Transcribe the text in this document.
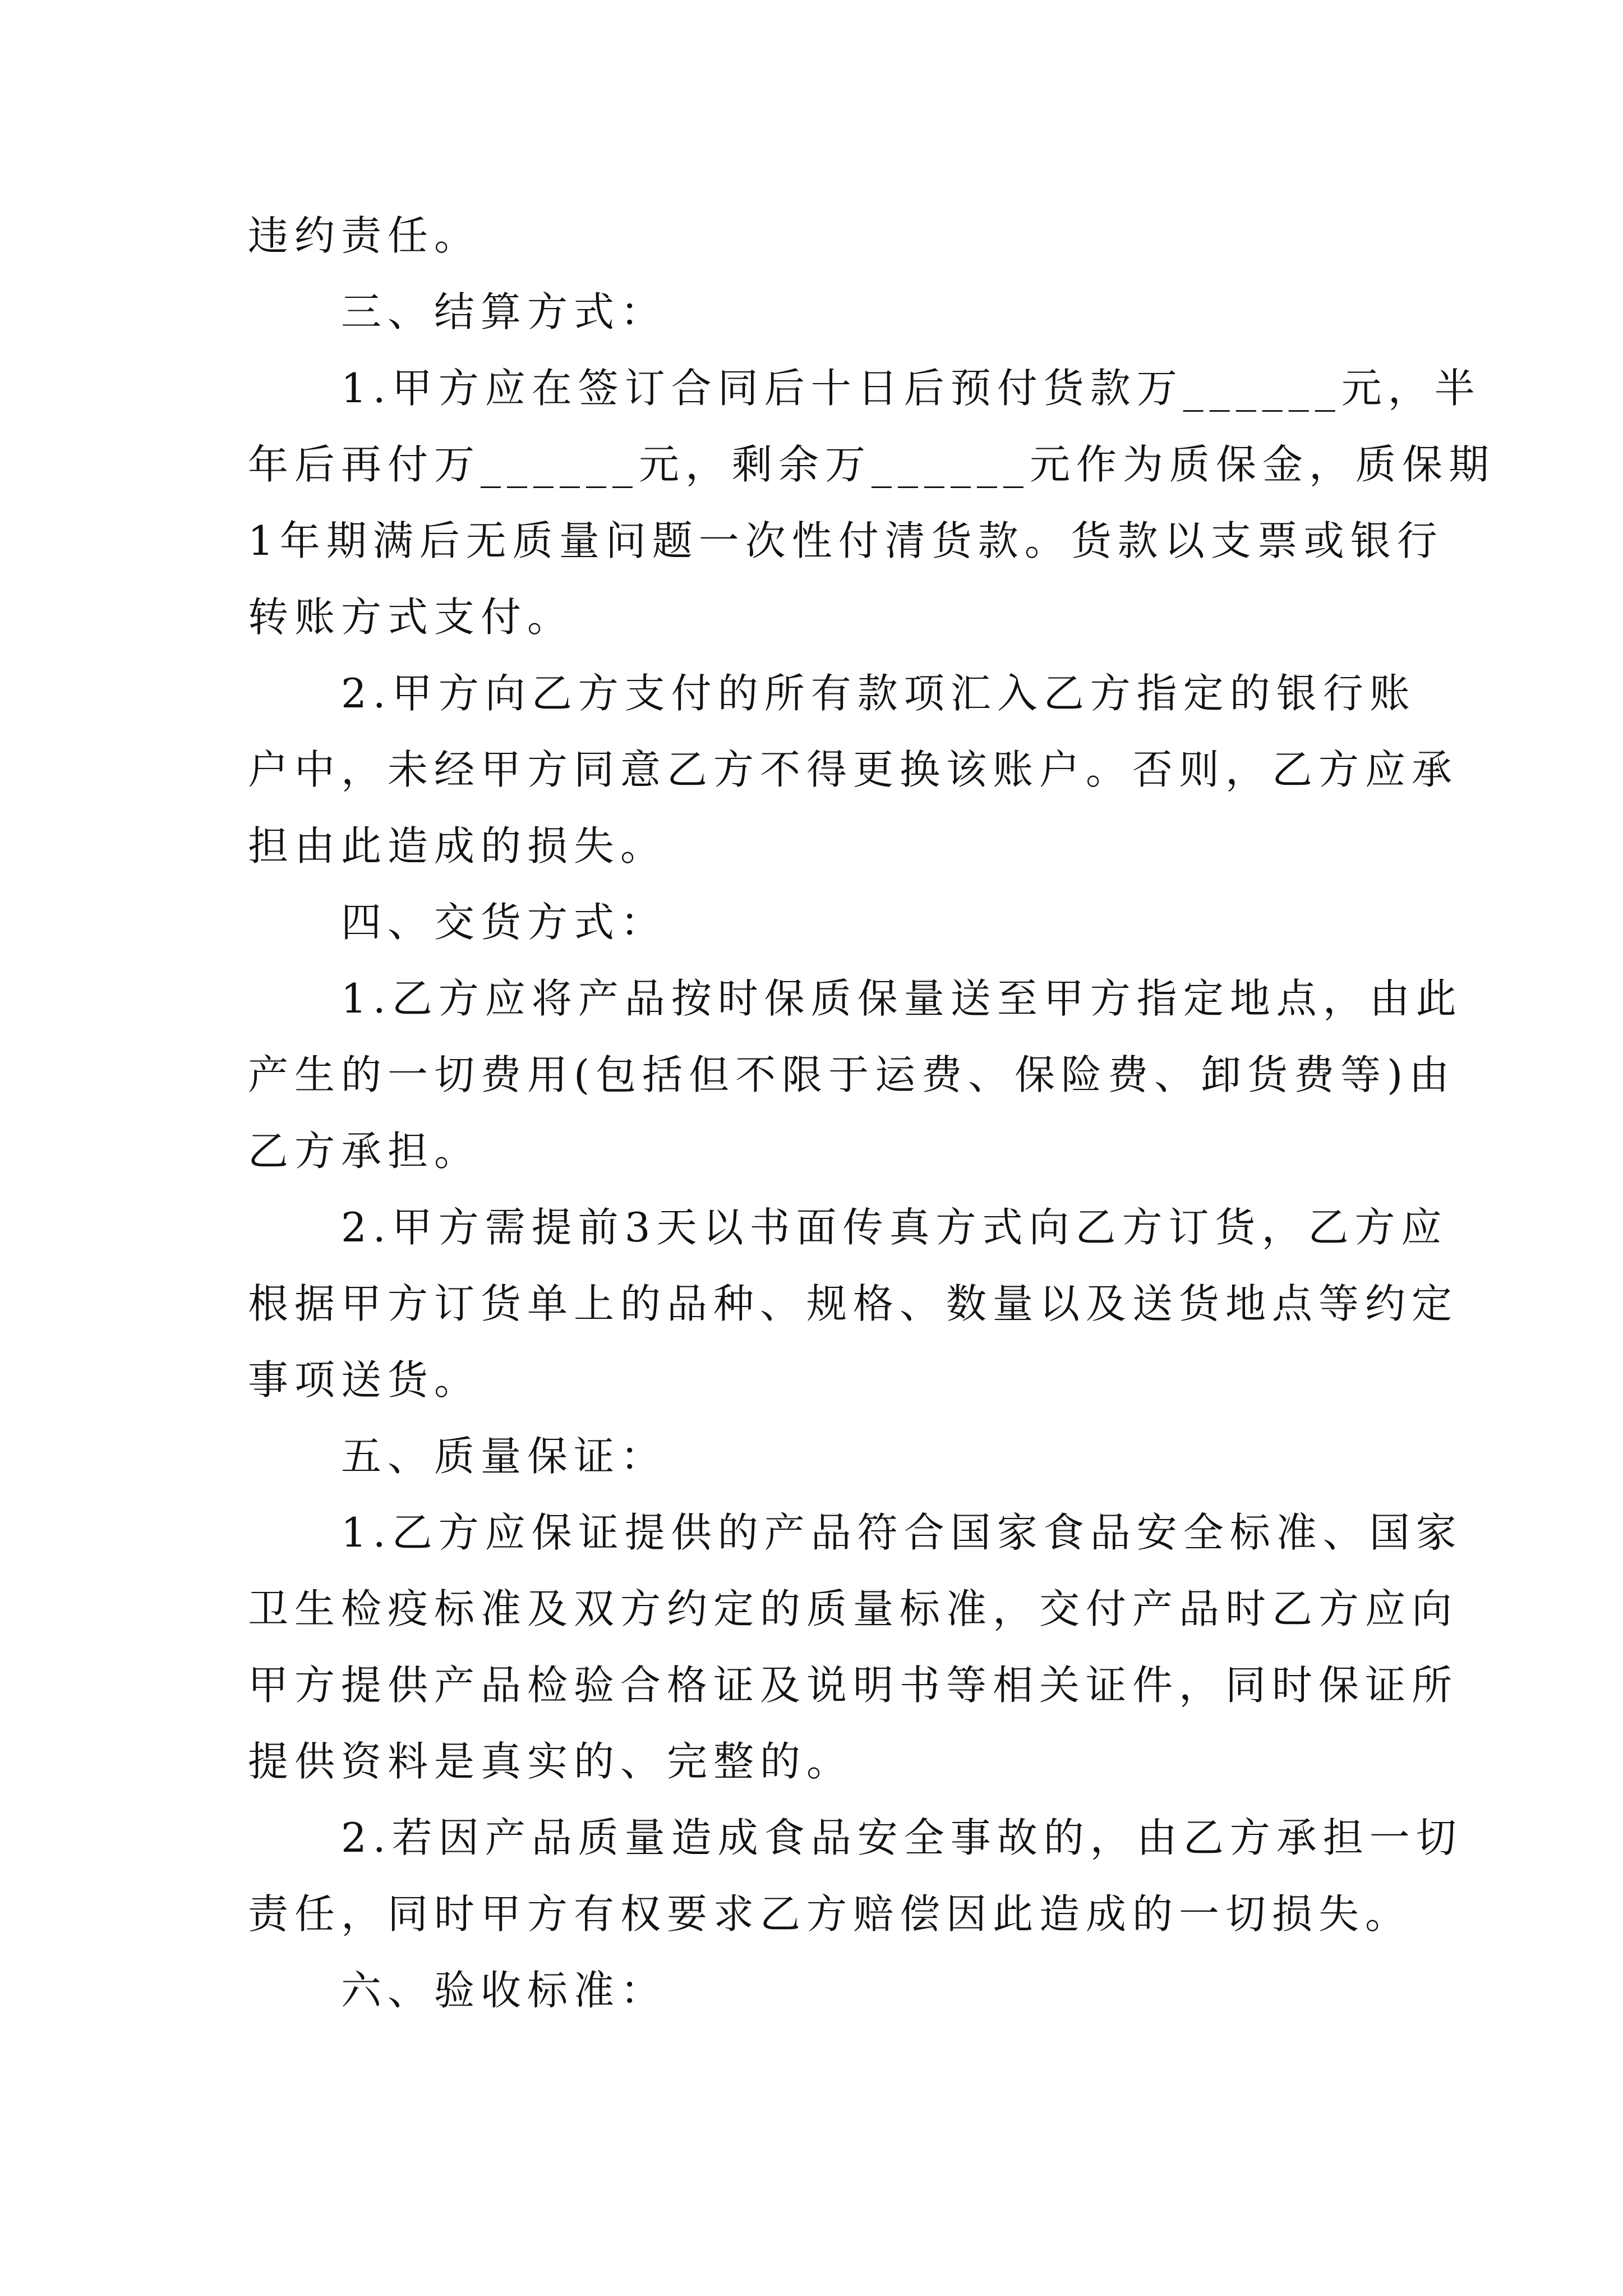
违约责任。
三、结算方式：
1.甲方应在签订合同后十日后预付货款万______元，半
年后再付万______元，剩余万______元作为质保金，质保期
1年期满后无质量问题一次性付清货款。货款以支票或银行
转账方式支付。
2.甲方向乙方支付的所有款项汇入乙方指定的银行账
户中，未经甲方同意乙方不得更换该账户。否则，乙方应承
担由此造成的损失。
四、交货方式：
1.乙方应将产品按时保质保量送至甲方指定地点，由此
产生的一切费用(包括但不限于运费、保险费、卸货费等)由
乙方承担。
2.甲方需提前3天以书面传真方式向乙方订货，乙方应
根据甲方订货单上的品种、规格、数量以及送货地点等约定
事项送货。
五、质量保证：
1.乙方应保证提供的产品符合国家食品安全标准、国家
卫生检疫标准及双方约定的质量标准，交付产品时乙方应向
甲方提供产品检验合格证及说明书等相关证件，同时保证所
提供资料是真实的、完整的。
2.若因产品质量造成食品安全事故的，由乙方承担一切
责任，同时甲方有权要求乙方赔偿因此造成的一切损失。
六、验收标准：
